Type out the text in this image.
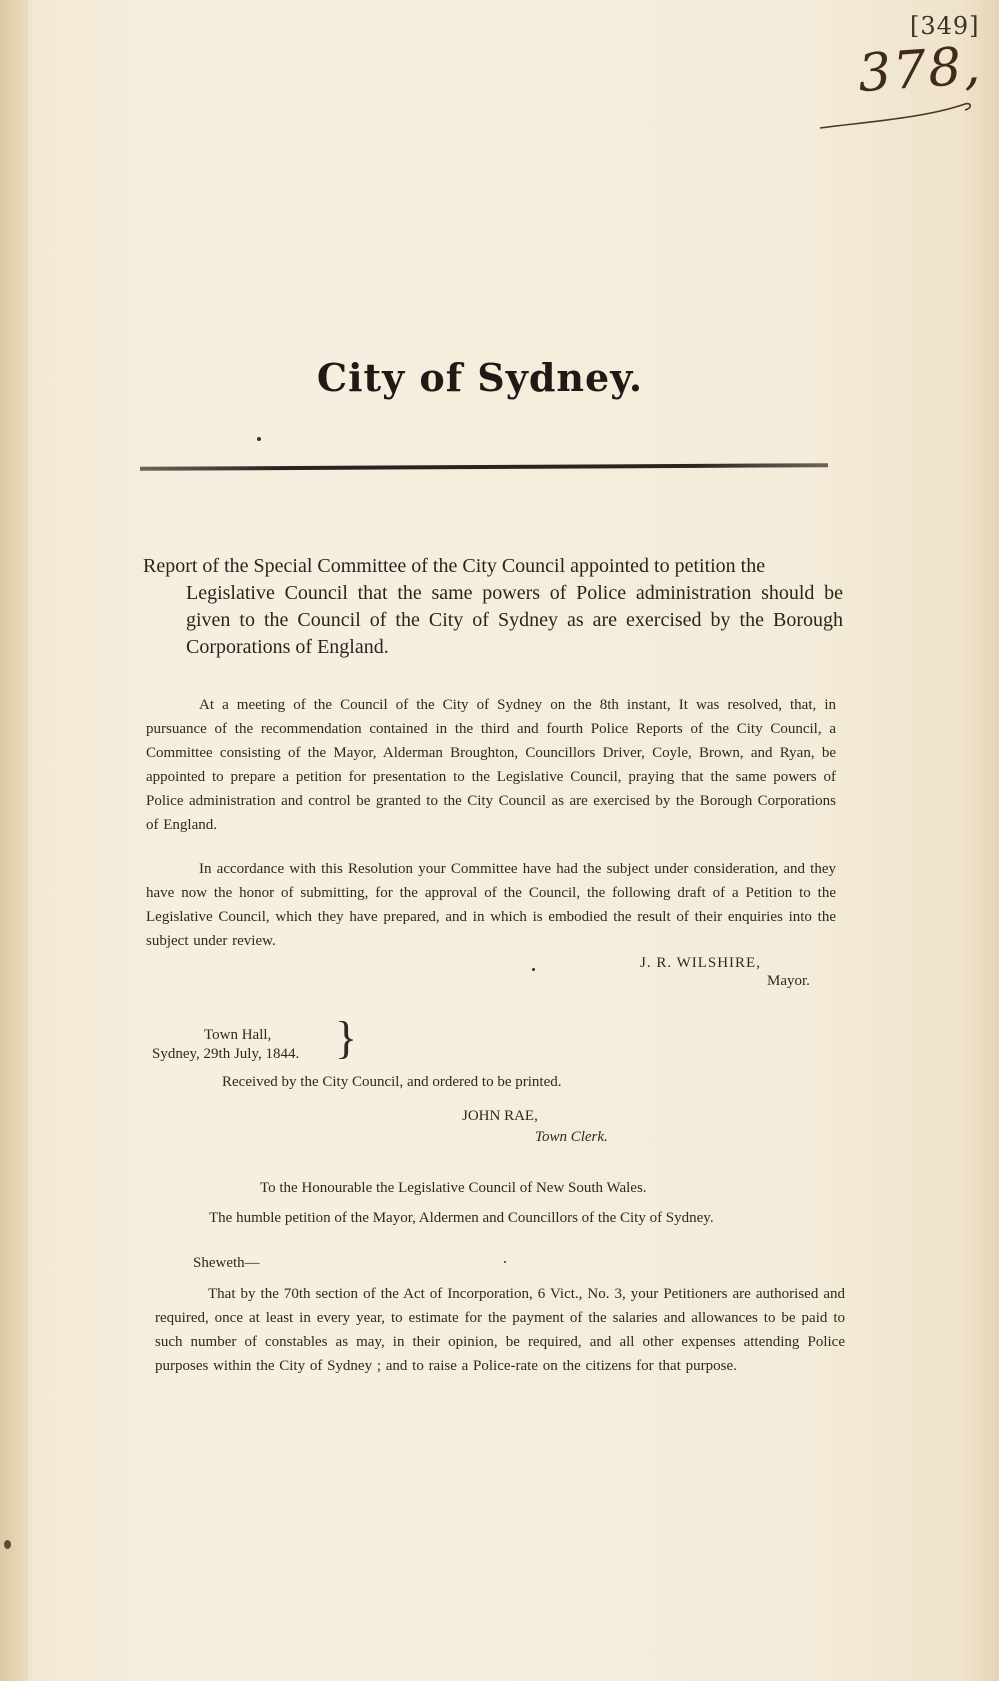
[349]
378,
City of Sydney.
Report of the Special Committee of the City Council appointed to petition the
Legislative Council that the same powers of Police administration should be given to the Council of the City of Sydney as are exercised by the Borough Corporations of England.
At a meeting of the Council of the City of Sydney on the 8th instant, It was resolved, that, in pursuance of the recommendation contained in the third and fourth Police Reports of the City Council, a Committee consisting of the Mayor, Alderman Broughton, Councillors Driver, Coyle, Brown, and Ryan, be appointed to prepare a petition for presentation to the Legislative Council, praying that the same powers of Police administration and control be granted to the City Council as are exercised by the Borough Corporations of England.
In accordance with this Resolution your Committee have had the subject under consideration, and they have now the honor of submitting, for the approval of the Council, the following draft of a Petition to the Legislative Council, which they have prepared, and in which is embodied the result of their enquiries into the subject under review.
J. R. WILSHIRE,
Mayor.
Town Hall,
Sydney, 29th July, 1844. }
Received by the City Council, and ordered to be printed.
JOHN RAE,
Town Clerk.
To the Honourable the Legislative Council of New South Wales.
The humble petition of the Mayor, Aldermen and Councillors of the City of Sydney.
Sheweth—
That by the 70th section of the Act of Incorporation, 6 Vict., No. 3, your Petitioners are authorised and required, once at least in every year, to estimate for the payment of the salaries and allowances to be paid to such number of constables as may, in their opinion, be required, and all other expenses attending Police purposes within the City of Sydney ; and to raise a Police-rate on the citizens for that purpose.
